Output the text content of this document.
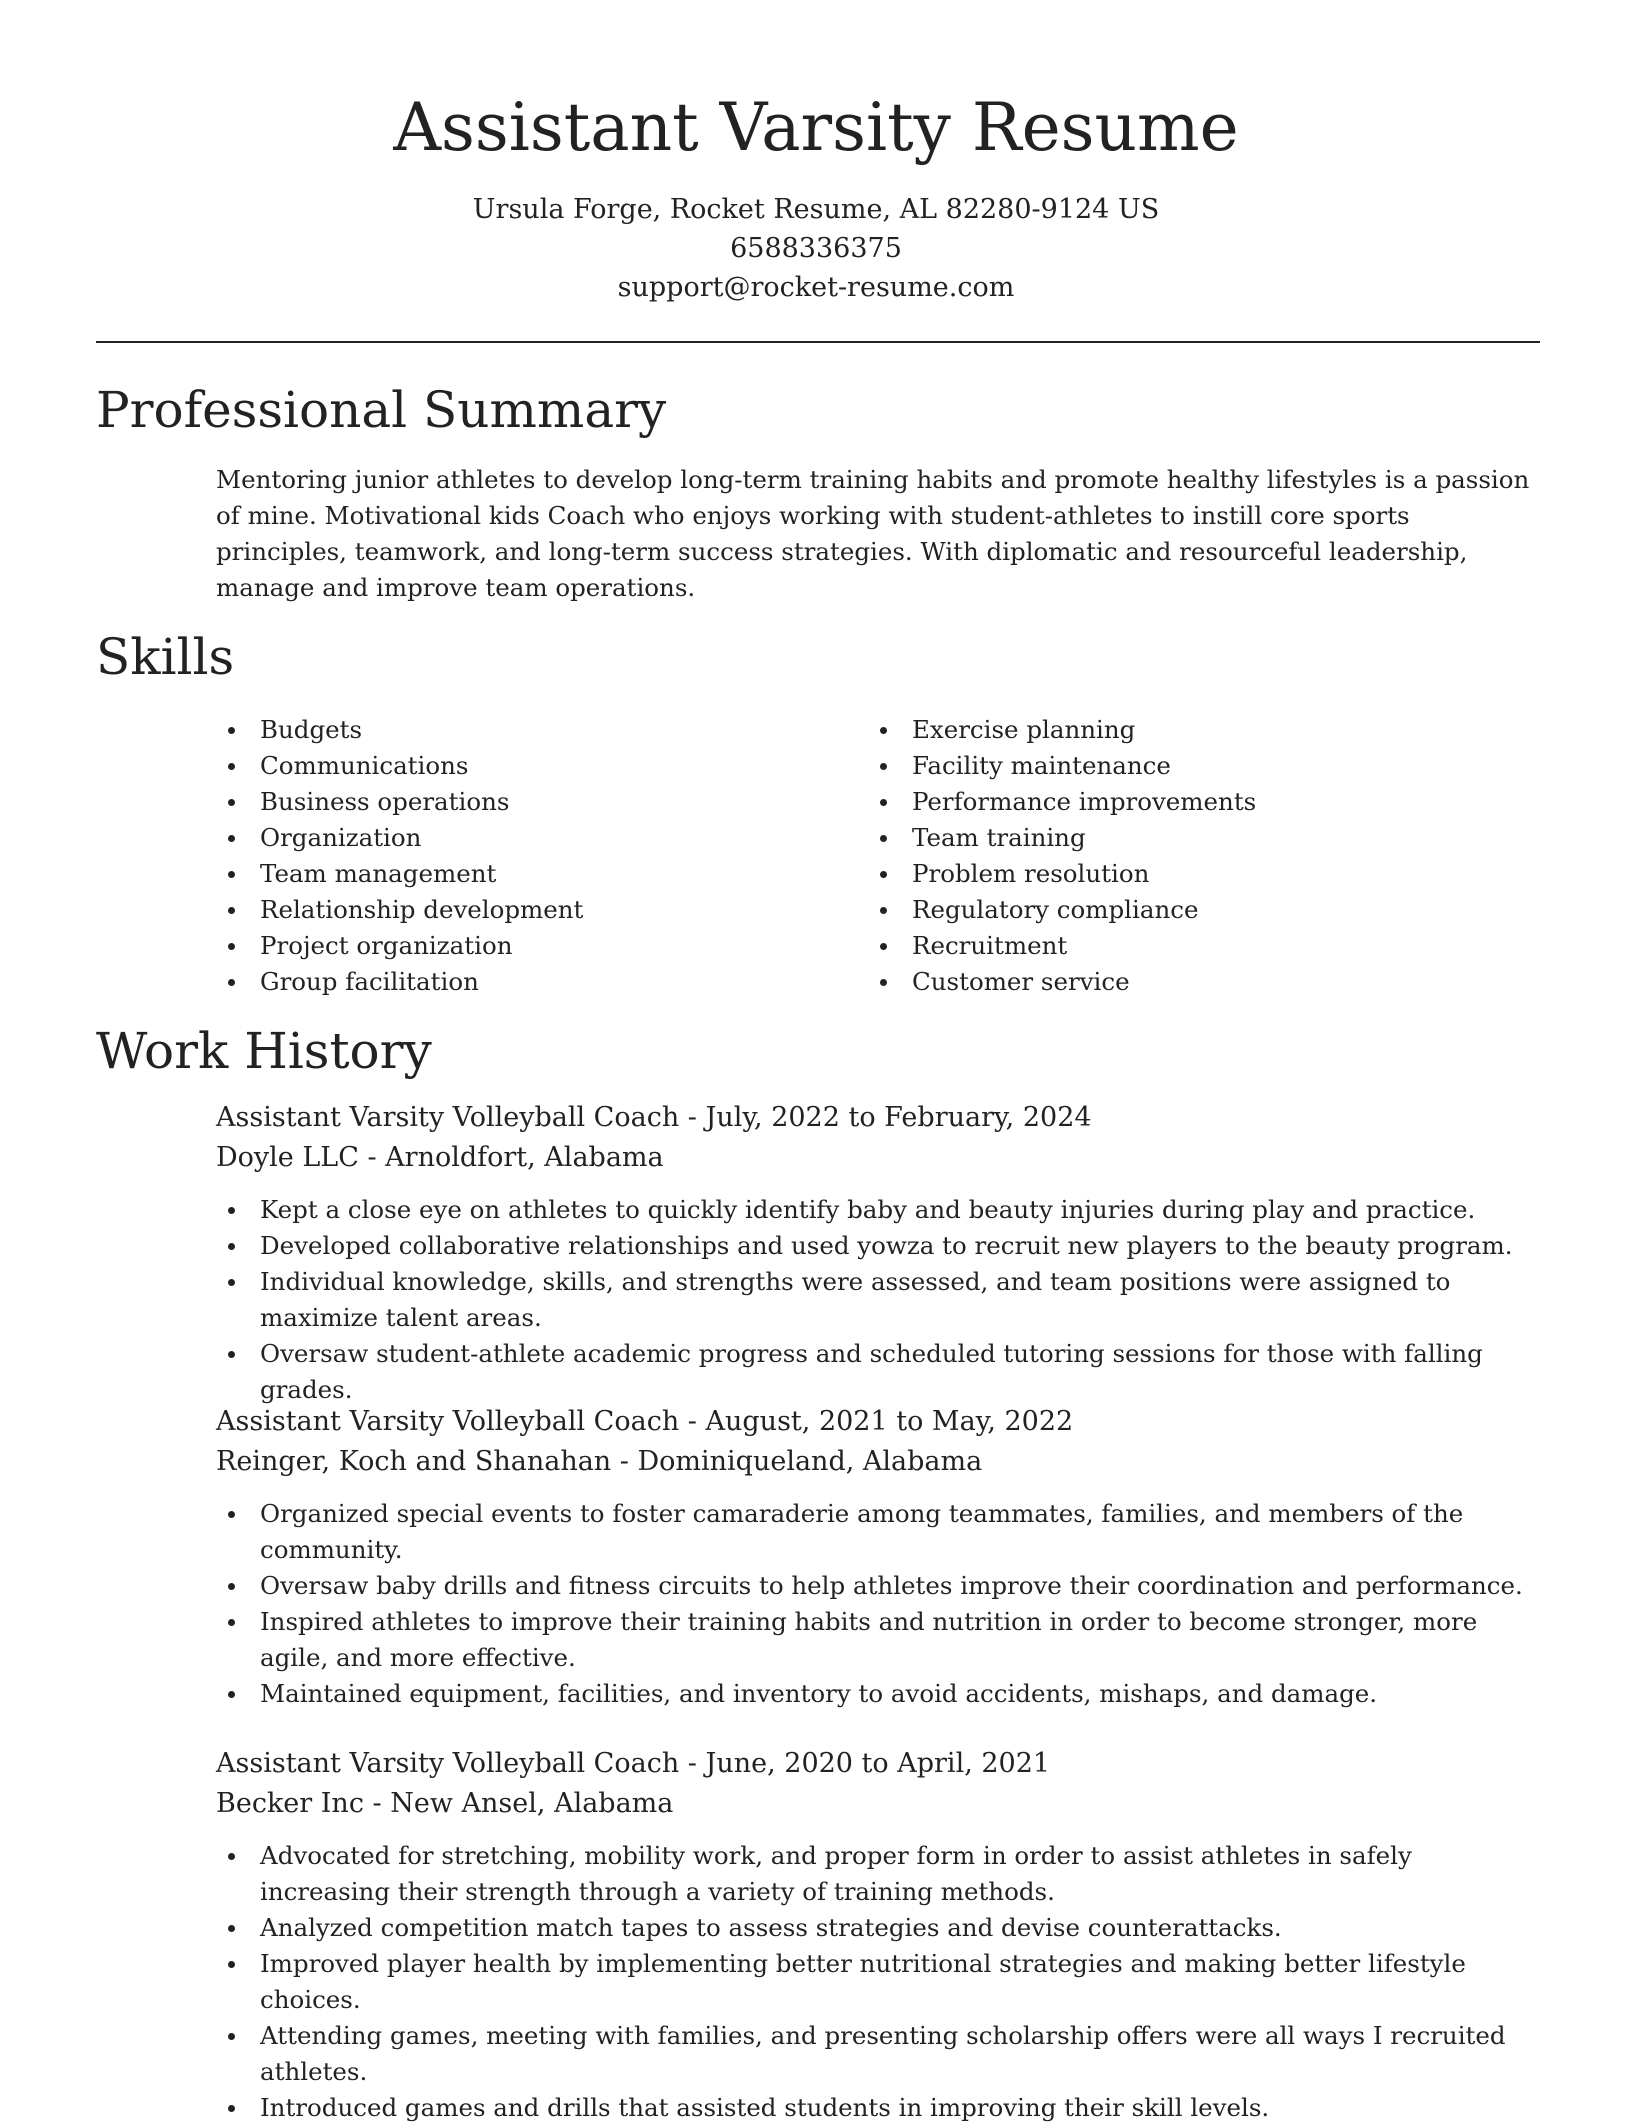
Assistant Varsity Resume
Ursula Forge, Rocket Resume, AL 82280-9124 US
6588336375
support@rocket-resume.com
Professional Summary

Mentoring junior athletes to develop long-term training habits and promote healthy lifestyles is a passion of mine. Motivational kids Coach who enjoys working with student-athletes to instill core sports principles, teamwork, and long-term success strategies. With diplomatic and resourceful leadership, manage and improve team operations.

Skills
Budgets
Communications
Business operations
Organization
Team management
Relationship development
Project organization
Group facilitation
Exercise planning
Facility maintenance
Performance improvements
Team training
Problem resolution
Regulatory compliance
Recruitment
Customer service
Work History
Assistant Varsity Volleyball Coach - July, 2022 to February, 2024
Doyle LLC - Arnoldfort, Alabama
Kept a close eye on athletes to quickly identify baby and beauty injuries during play and practice.
Developed collaborative relationships and used yowza to recruit new players to the beauty program.
Individual knowledge, skills, and strengths were assessed, and team positions were assigned to maximize talent areas.
Oversaw student-athlete academic progress and scheduled tutoring sessions for those with falling grades.
Assistant Varsity Volleyball Coach - August, 2021 to May, 2022
Reinger, Koch and Shanahan - Dominiqueland, Alabama
Organized special events to foster camaraderie among teammates, families, and members of the community.
Oversaw baby drills and fitness circuits to help athletes improve their coordination and performance.
Inspired athletes to improve their training habits and nutrition in order to become stronger, more agile, and more effective.
Maintained equipment, facilities, and inventory to avoid accidents, mishaps, and damage.
Assistant Varsity Volleyball Coach - June, 2020 to April, 2021
Becker Inc - New Ansel, Alabama
Advocated for stretching, mobility work, and proper form in order to assist athletes in safely increasing their strength through a variety of training methods.
Analyzed competition match tapes to assess strategies and devise counterattacks.
Improved player health by implementing better nutritional strategies and making better lifestyle choices.
Attending games, meeting with families, and presenting scholarship offers were all ways I recruited athletes.
Introduced games and drills that assisted students in improving their skill levels.
